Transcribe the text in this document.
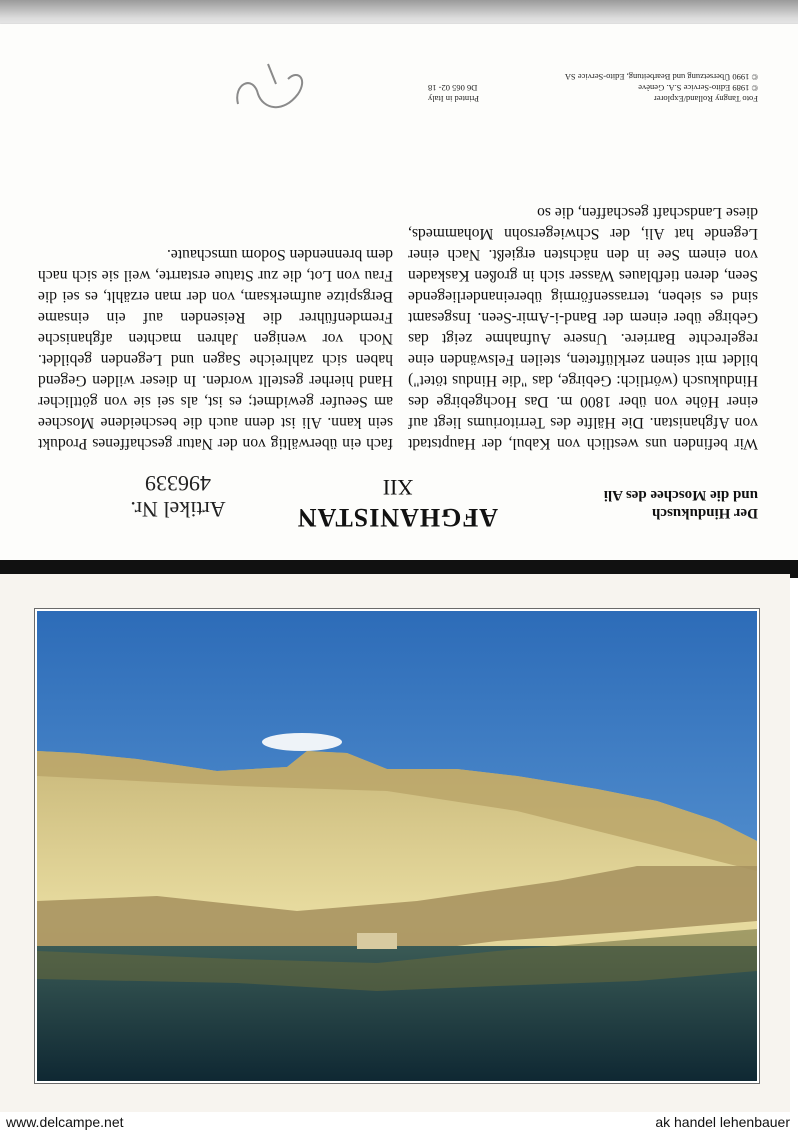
Der Hindukusch
und die Moschee des Ali
AFGHANISTAN
XII
Artikel Nr.
496339
Wir befinden uns westlich von Kabul, der Hauptstadt von Afghanistan. Die Hälfte des Territoriums liegt auf einer Höhe von über 1800 m. Das Hochgebirge des Hindukusch (wörtlich: Gebirge, das "die Hindus tötet") bildet mit seinen zerklüfteten, steilen Felswänden eine regelrechte Barriere. Unsere Aufnahme zeigt das Gebirge über einem der Band-i-Amir-Seen. Insgesamt sind es sieben, terrassenförmig übereinanderliegende Seen, deren tiefblaues Wasser sich in großen Kaskaden von einem See in den nächsten ergießt. Nach einer Legende hat Ali, der Schwiegersohn Mohammeds, diese Landschaft geschaffen, die so
fach ein überwältig von der Natur geschaffenes Produkt sein kann. Ali ist denn auch die bescheidene Moschee am Seeufer gewidmet; es ist, als sei sie von göttlicher Hand hierher gestellt worden. In dieser wilden Gegend haben sich zahlreiche Sagen und Legenden gebildet. Noch vor wenigen Jahren machten afghanische Fremdenführer die Reisenden auf ein einsame Bergspitze aufmerksam, von der man erzählt, es sei die Frau von Lot, die zur Statue erstarrte, weil sie sich nach dem brennenden Sodom umschaute.
Foto Tangny Rolland/Explorer
© 1989 Edito-Service S.A. Genève
© 1990 Übersetzung und Bearbeitung, Edito-Service SA
Printed in Italy
D6 065 02- 18
www.delcampe.net	ak handel lehenbauer
